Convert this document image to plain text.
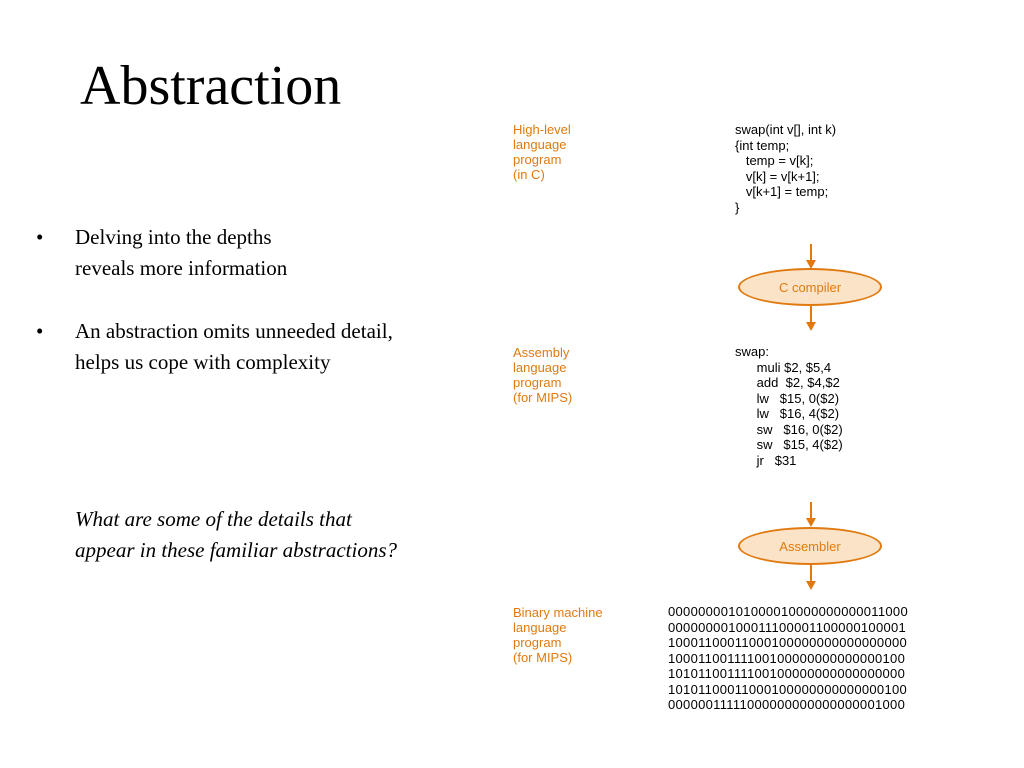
Abstraction
• Delving into the depths
reveals more information
• An abstraction omits unneeded detail,
helps us cope with complexity
What are some of the details that
appear in these familiar abstractions?
High-level
language
program
(in C)
swap(int v[], int k)
{int temp;
temp = v[k];
v[k] = v[k+1];
v[k+1] = temp;
}
C compiler
Assembly
language
program
(for MIPS)
swap:
muli $2, $5,4
add  $2, $4,$2
lw   $15, 0($2)
lw   $16, 4($2)
sw   $16, 0($2)
sw   $15, 4($2)
jr   $31
Assembler
Binary machine
language
program
(for MIPS)
00000000101000010000000000011000
00000000100011100001100000100001
10001100011000100000000000000000
10001100111100100000000000000100
10101100111100100000000000000000
10101100011000100000000000000100
00000011111000000000000000001000
